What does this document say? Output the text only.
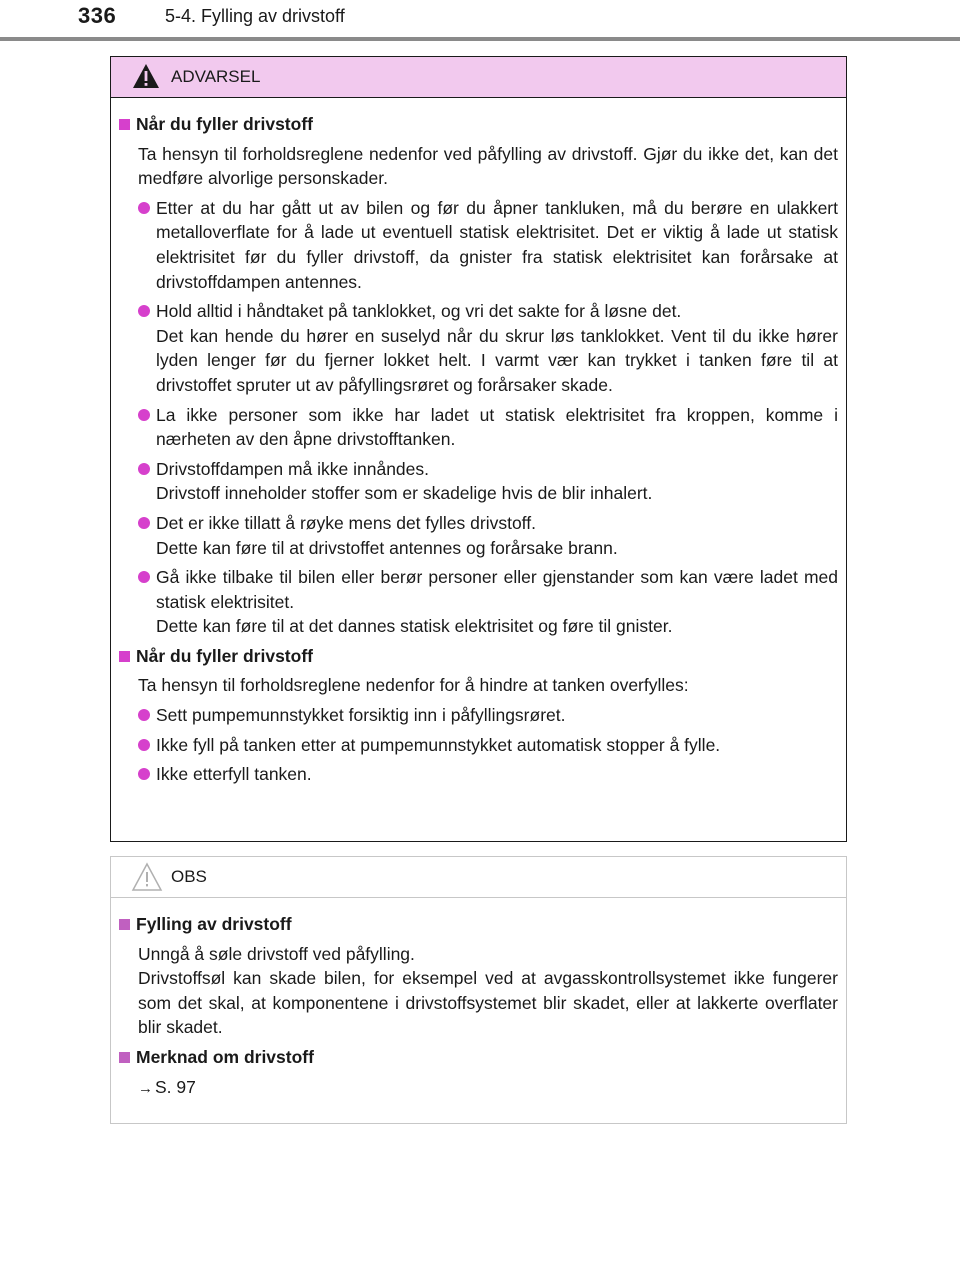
336	5-4. Fylling av drivstoff
ADVARSEL
Når du fyller drivstoff
Ta hensyn til forholdsreglene nedenfor ved påfylling av drivstoff. Gjør du ikke det, kan det medføre alvorlige personskader.
Etter at du har gått ut av bilen og før du åpner tankluken, må du berøre en ulakkert metalloverflate for å lade ut eventuell statisk elektrisitet. Det er viktig å lade ut statisk elektrisitet før du fyller drivstoff, da gnister fra statisk elektrisitet kan forårsake at drivstoffdampen antennes.
Hold alltid i håndtaket på tanklokket, og vri det sakte for å løsne det.
Det kan hende du hører en suselyd når du skrur løs tanklokket. Vent til du ikke hører lyden lenger før du fjerner lokket helt. I varmt vær kan trykket i tanken føre til at drivstoffet spruter ut av påfyllingsrøret og forårsaker skade.
La ikke personer som ikke har ladet ut statisk elektrisitet fra kroppen, komme i nærheten av den åpne drivstofftanken.
Drivstoffdampen må ikke innåndes.
Drivstoff inneholder stoffer som er skadelige hvis de blir inhalert.
Det er ikke tillatt å røyke mens det fylles drivstoff.
Dette kan føre til at drivstoffet antennes og forårsake brann.
Gå ikke tilbake til bilen eller berør personer eller gjenstander som kan være ladet med statisk elektrisitet.
Dette kan føre til at det dannes statisk elektrisitet og føre til gnister.
Når du fyller drivstoff
Ta hensyn til forholdsreglene nedenfor for å hindre at tanken overfylles:
Sett pumpemunnstykket forsiktig inn i påfyllingsrøret.
Ikke fyll på tanken etter at pumpemunnstykket automatisk stopper å fylle.
Ikke etterfyll tanken.
OBS
Fylling av drivstoff
Unngå å søle drivstoff ved påfylling.
Drivstoffsøl kan skade bilen, for eksempel ved at avgasskontrollsystemet ikke fungerer som det skal, at komponentene i drivstoffsystemet blir skadet, eller at lakkerte overflater blir skadet.
Merknad om drivstoff
→ S. 97
